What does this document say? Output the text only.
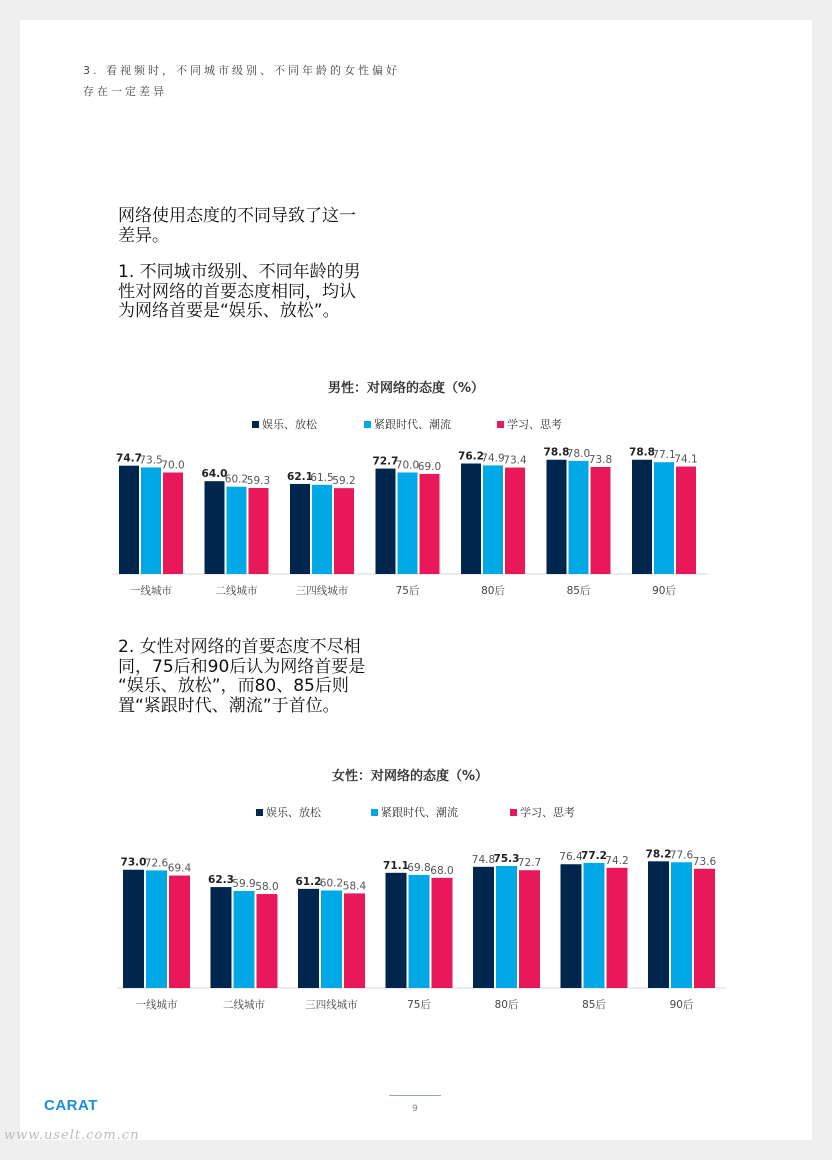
3. 看视频时，不同城市级别、不同年龄的女性偏好
存在一定差异
网络使用态度的不同导致了这一
差异。
1. 不同城市级别、不同年龄的男
性对网络的首要态度相同，均认
为网络首要是“娱乐、放松”。
男性：对网络的态度（%）
娱乐、放松	紧跟时代、潮流	学习、思考
74.7
73.5
70.0
一线城市
64.0
60.2
59.3
二线城市
62.1
61.5
59.2
三四线城市
72.7
70.0
69.0
75后
76.2
74.9
73.4
80后
78.8
78.0
73.8
85后
78.8
77.1
74.1
90后
2. 女性对网络的首要态度不尽相
同，75后和90后认为网络首要是
“娱乐、放松”，而80、85后则
置“紧跟时代、潮流”于首位。
女性：对网络的态度（%）
娱乐、放松	紧跟时代、潮流	学习、思考
73.0
72.6 69.4
一线城市
62.3
59.9 58.0
二线城市
61.2
60.2 58.4
三四线城市
71.1
69.8 68.0
75后
74.8
75.3
72.7
80后
76.4
77.2
74.2
85后
78.2
77.6
73.6
90后
CARAT	9
www.uselt.com.cn
